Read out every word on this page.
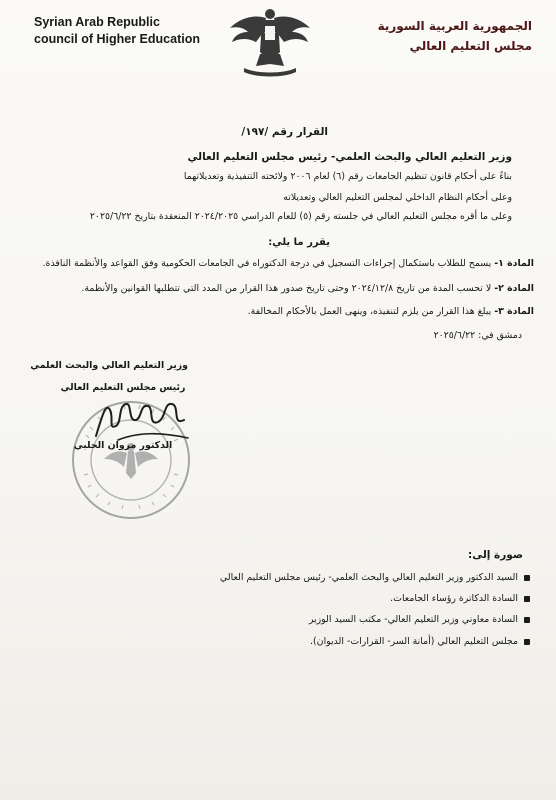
Syrian Arab Republic
council of Higher Education
الجمهورية العربية السورية
مجلس التعليم العالي
القرار رقم /١٩٧/
وزير التعليم العالي والبحث العلمي- رئيس مجلس التعليم العالي
بناءً على أحكام قانون تنظيم الجامعات رقم (٦) لعام ٢٠٠٦ ولائحته التنفيذية وتعديلاتهما
وعلى أحكام النظام الداخلي لمجلس التعليم العالي وتعديلاته
وعلى ما أقره مجلس التعليم العالي في جلسته رقم (٥) للعام الدراسي ٢٠٢٤/٢٠٢٥ المنعقدة بتاريخ ٢٠٢٥/٦/٢٢
يقرر ما يلي:
المادة ١- يسمح للطلاب باستكمال إجراءات التسجيل في درجة الدكتوراه في الجامعات الحكومية وفق القواعد والأنظمة النافذة.
المادة ٢- لا تحسب المدة من تاريخ ٢٠٢٤/١٢/٨ وحتى تاريخ صدور هذا القرار من المدد التي تتطلبها القوانين والأنظمة.
المادة ٣- يبلغ هذا القرار من يلزم لتنفيذه، وينهى العمل بالأحكام المخالفة.
دمشق في: ٢٠٢٥/٦/٢٢
وزير التعليم العالي والبحث العلمي
رئيس مجلس التعليم العالي
الدكتور مروان الحلبي
صورة إلى:
السيد الدكتور وزير التعليم العالي والبحث العلمي- رئيس مجلس التعليم العالي
السادة الدكاترة رؤساء الجامعات.
السادة معاوني وزير التعليم العالي- مكتب السيد الوزير
مجلس التعليم العالي (أمانة السر- القرارات- الديوان).
